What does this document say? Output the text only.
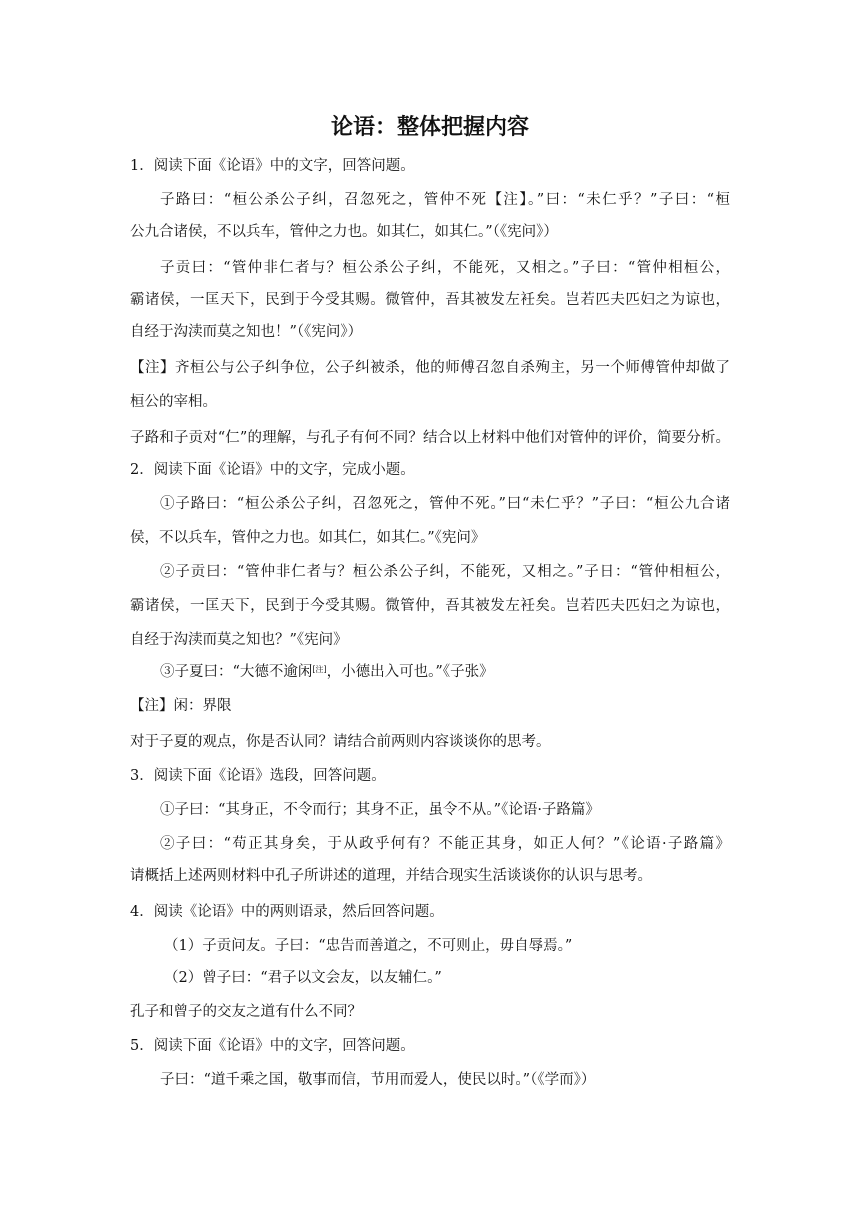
论语：整体把握内容
1．阅读下面《论语》中的文字，回答问题。
子路曰：“桓公杀公子纠，召忽死之，管仲不死【注】。”曰：“未仁乎？”子曰：“桓
公九合诸侯，不以兵车，管仲之力也。如其仁，如其仁。”（《宪问》）
子贡曰：“管仲非仁者与？桓公杀公子纠，不能死，又相之。”子曰：“管仲相桓公，
霸诸侯，一匡天下，民到于今受其赐。微管仲，吾其被发左衽矣。岂若匹夫匹妇之为谅也，
自经于沟渎而莫之知也！”（《宪问》）
【注】齐桓公与公子纠争位，公子纠被杀，他的师傅召忽自杀殉主，另一个师傅管仲却做了
桓公的宰相。
子路和子贡对“仁”的理解，与孔子有何不同？结合以上材料中他们对管仲的评价，简要分析。
2．阅读下面《论语》中的文字，完成小题。
①子路曰：“桓公杀公子纠，召忽死之，管仲不死。”曰“未仁乎？”子曰：“桓公九合诸
侯，不以兵车，管仲之力也。如其仁，如其仁。”《宪问》
②子贡曰：“管仲非仁者与？桓公杀公子纠，不能死，又相之。”子日：“管仲相桓公，
霸诸侯，一匡天下，民到于今受其赐。微管仲，吾其被发左衽矣。岂若匹夫匹妇之为谅也，
自经于沟渎而莫之知也？”《宪问》
③子夏曰：“大德不逾闲[注]，小德出入可也。”《子张》
【注】闲：界限
对于子夏的观点，你是否认同？请结合前两则内容谈谈你的思考。
3．阅读下面《论语》选段，回答问题。
①子曰：“其身正，不令而行；其身不正，虽令不从。”《论语·子路篇》
②子曰：“苟正其身矣，于从政乎何有？不能正其身，如正人何？”《论语·子路篇》
请概括上述两则材料中孔子所讲述的道理，并结合现实生活谈谈你的认识与思考。
4．阅读《论语》中的两则语录，然后回答问题。
（1）子贡问友。子曰：“忠告而善道之，不可则止，毋自辱焉。”
（2）曾子曰：“君子以文会友，以友辅仁。”
孔子和曾子的交友之道有什么不同？
5．阅读下面《论语》中的文字，回答问题。
子曰：“道千乘之国，敬事而信，节用而爱人，使民以时。”（《学而》）
